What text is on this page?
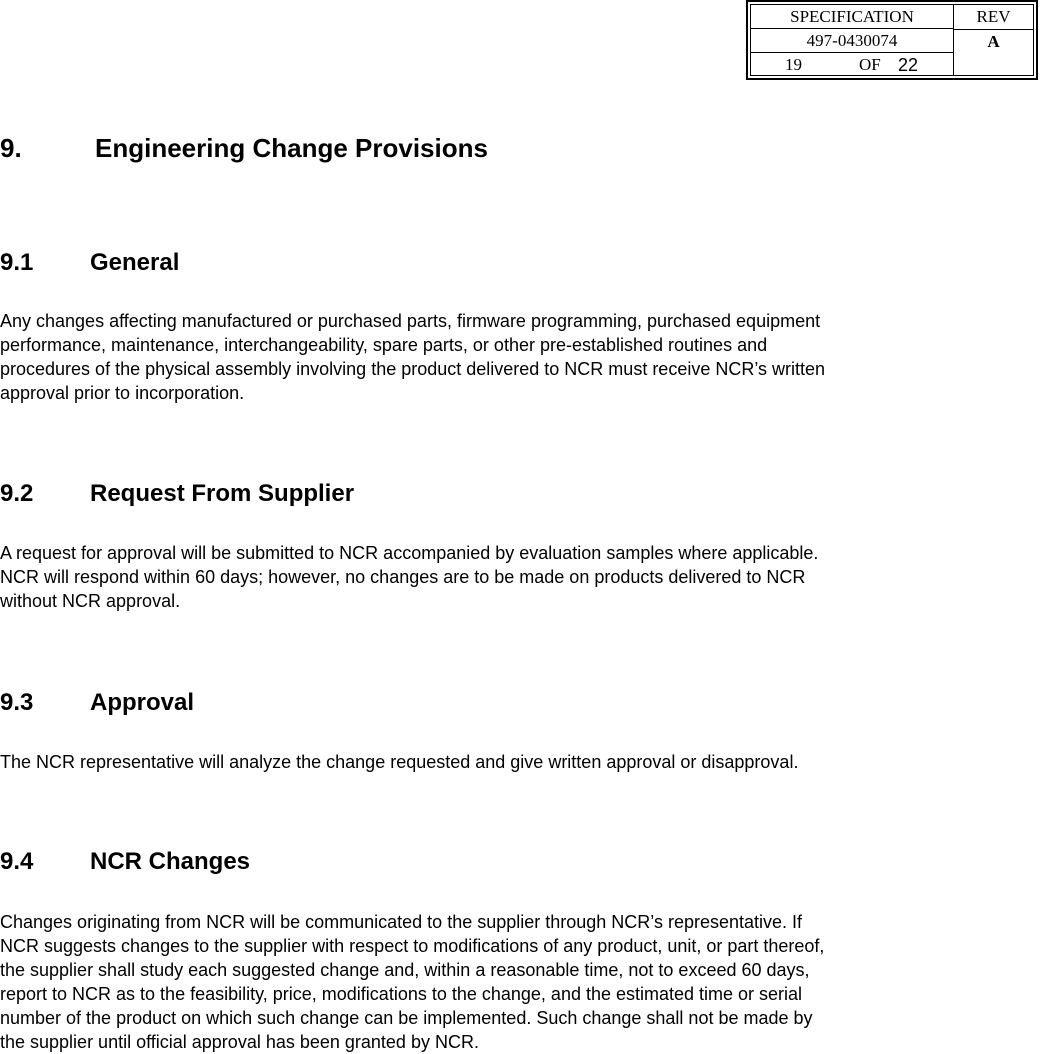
SPECIFICATION
497-0430074
19	OF 22
REV
A
9.	Engineering Change Provisions
9.1 General
Any changes affecting manufactured or purchased parts, firmware programming, purchased equipment
performance, maintenance, interchangeability, spare parts, or other pre-established routines and
procedures of the physical assembly involving the product delivered to NCR must receive NCR’s written
approval prior to incorporation.
9.2 Request From Supplier
A request for approval will be submitted to NCR accompanied by evaluation samples where applicable.
NCR will respond within 60 days; however, no changes are to be made on products delivered to NCR
without NCR approval.
9.3 Approval
The NCR representative will analyze the change requested and give written approval or disapproval.
9.4 NCR Changes
Changes originating from NCR will be communicated to the supplier through NCR’s representative. If
NCR suggests changes to the supplier with respect to modifications of any product, unit, or part thereof,
the supplier shall study each suggested change and, within a reasonable time, not to exceed 60 days,
report to NCR as to the feasibility, price, modifications to the change, and the estimated time or serial
number of the product on which such change can be implemented. Such change shall not be made by
the supplier until official approval has been granted by NCR.
